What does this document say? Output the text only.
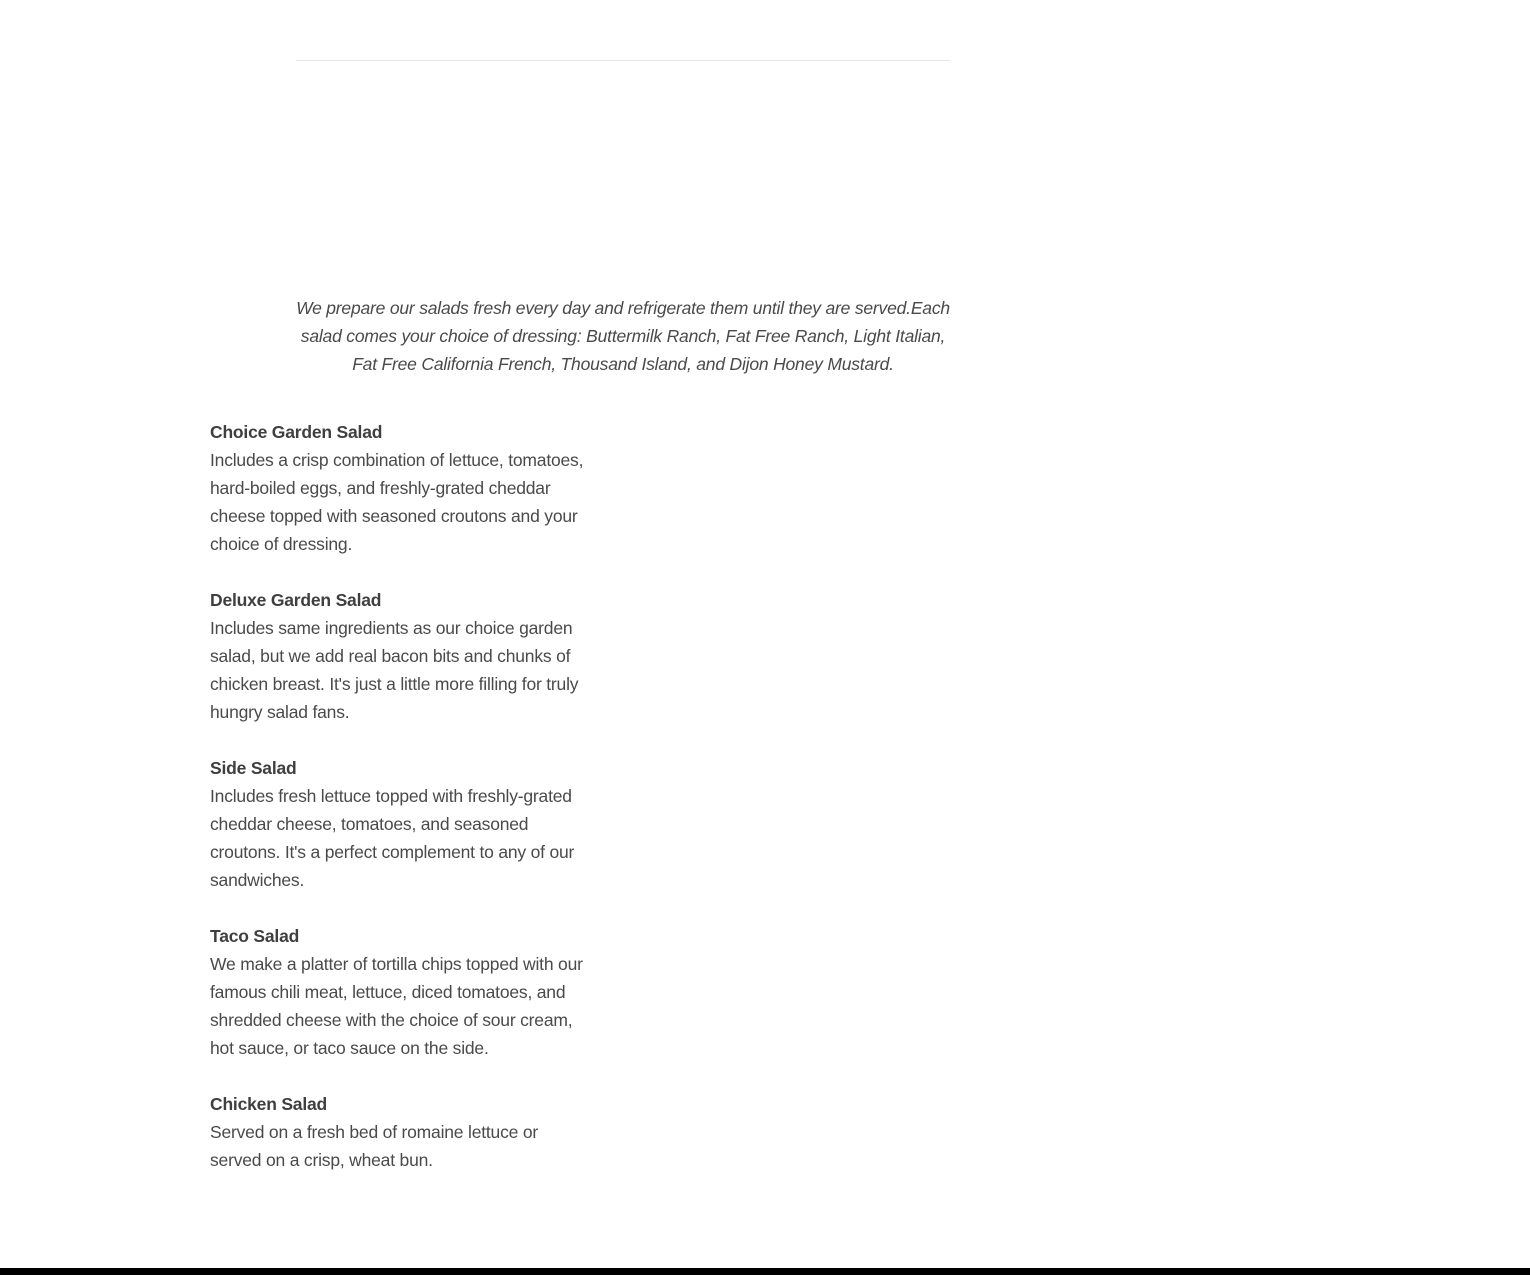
We prepare our salads fresh every day and refrigerate them until they are served.Each salad comes your choice of dressing: Buttermilk Ranch, Fat Free Ranch, Light Italian, Fat Free California French, Thousand Island, and Dijon Honey Mustard.

Choice Garden Salad
Includes a crisp combination of lettuce, tomatoes, hard-boiled eggs, and freshly-grated cheddar cheese topped with seasoned croutons and your choice of dressing.
Deluxe Garden Salad
Includes same ingredients as our choice garden salad, but we add real bacon bits and chunks of chicken breast. It's just a little more filling for truly hungry salad fans.
Side Salad
Includes fresh lettuce topped with freshly-grated cheddar cheese, tomatoes, and seasoned croutons. It's a perfect complement to any of our sandwiches.
Taco Salad
We make a platter of tortilla chips topped with our famous chili meat, lettuce, diced tomatoes, and shredded cheese with the choice of sour cream, hot sauce, or taco sauce on the side.
Chicken Salad
Served on a fresh bed of romaine lettuce or served on a crisp, wheat bun.
